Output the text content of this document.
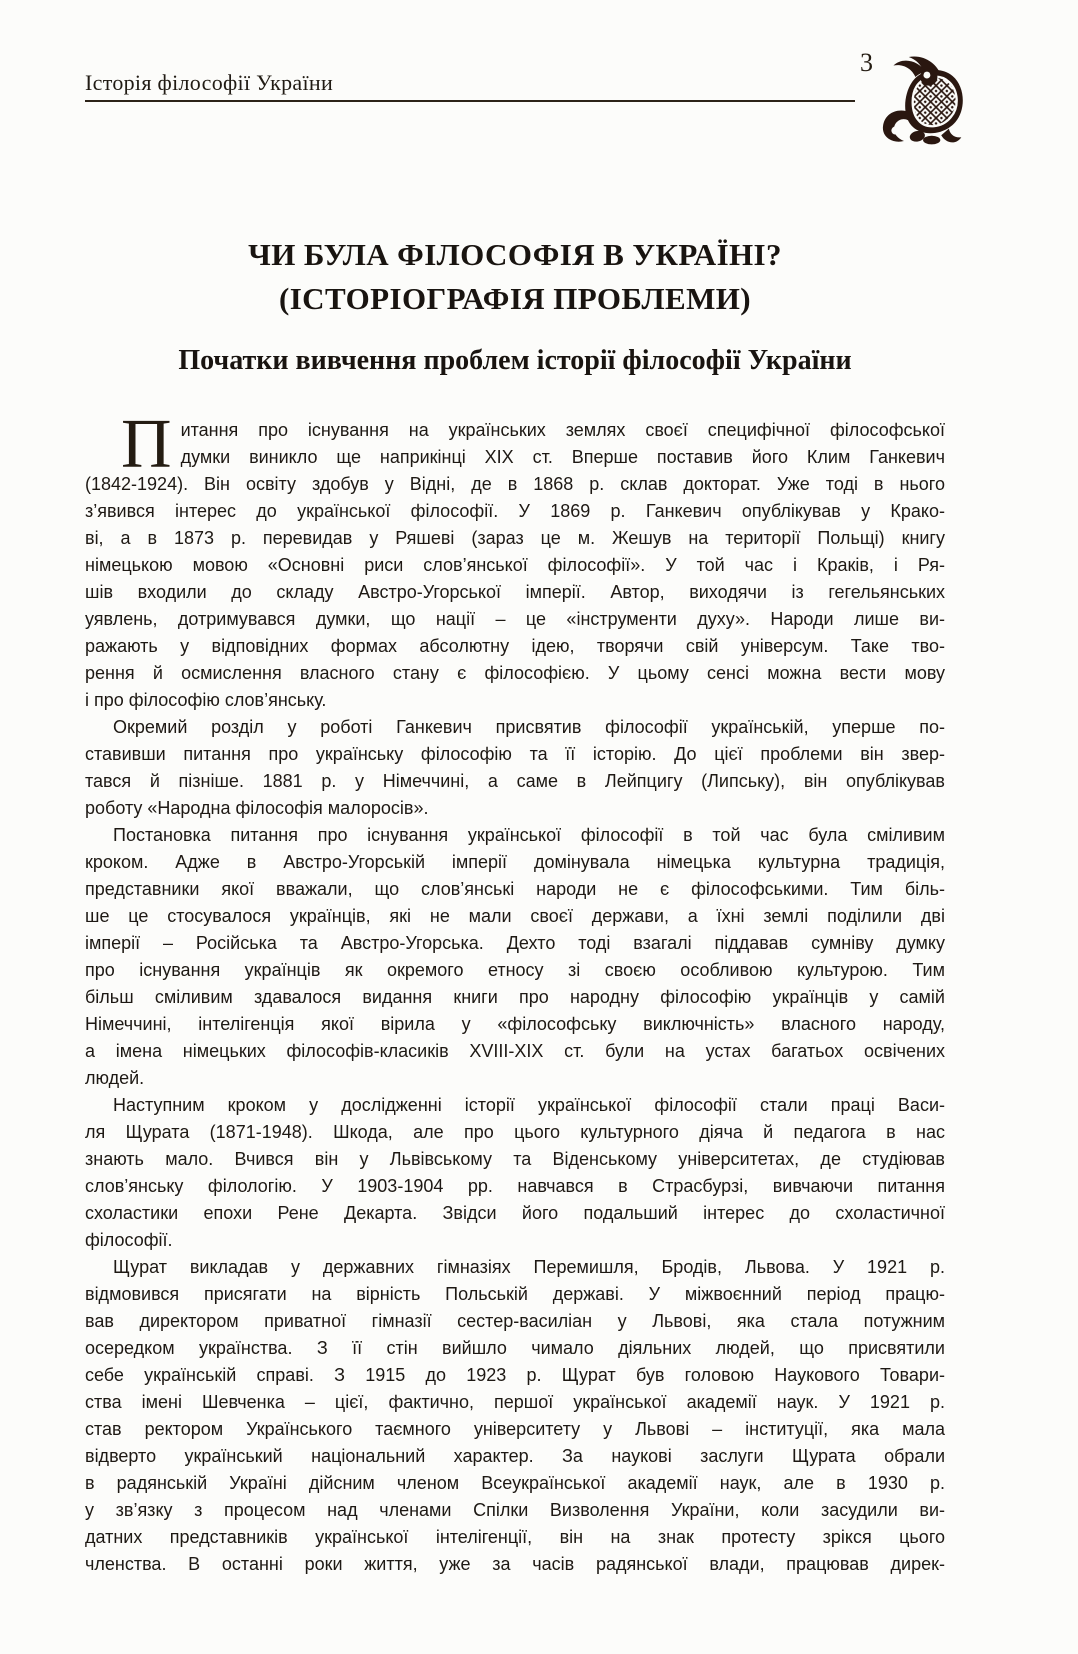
Історія філософії України
3
ЧИ БУЛА ФІЛОСОФІЯ В УКРАЇНІ?
(ІСТОРІОГРАФІЯ ПРОБЛЕМИ)
Початки вивчення проблем історії філософії України
П итання про існування на українських землях своєї специфічної філософської
думки виникло ще наприкінці XIX ст. Вперше поставив його Клим Ганкевич
(1842-1924). Він освіту здобув у Відні, де в 1868 р. склав докторат. Уже тоді в нього
з’явився інтерес до української філософії. У 1869 р. Ганкевич опублікував у Крако-
ві, а в 1873 р. перевидав у Ряшеві (зараз це м. Жешув на території Польщі) книгу
німецькою мовою «Основні риси слов’янської філософії». У той час і Краків, і Ря-
шів входили до складу Австро-Угорської імперії. Автор, виходячи із гегельянських
уявлень, дотримувався думки, що нації – це «інструменти духу». Народи лише ви-
ражають у відповідних формах абсолютну ідею, творячи свій універсум. Таке тво-
рення й осмислення власного стану є філософією. У цьому сенсі можна вести мову
і про філософію слов’янську.
Окремий розділ у роботі Ганкевич присвятив філософії українській, уперше по-
ставивши питання про українську філософію та її історію. До цієї проблеми він звер-
тався й пізніше. 1881 р. у Німеччині, а саме в Лейпцигу (Липську), він опублікував
роботу «Народна філософія малоросів».
Постановка питання про існування української філософії в той час була сміливим
кроком. Адже в Австро-Угорській імперії домінувала німецька культурна традиція,
представники якої вважали, що слов’янські народи не є філософськими. Тим біль-
ше це стосувалося українців, які не мали своєї держави, а їхні землі поділили дві
імперії – Російська та Австро-Угорська. Дехто тоді взагалі піддавав сумніву думку
про існування українців як окремого етносу зі своєю особливою культурою. Тим
більш сміливим здавалося видання книги про народну філософію українців у самій
Німеччині, інтелігенція якої вірила у «філософську виключність» власного народу,
а імена німецьких філософів-класиків XVIII-XIX ст. були на устах багатьох освічених
людей.
Наступним кроком у дослідженні історії української філософії стали праці Васи-
ля Щурата (1871-1948). Шкода, але про цього культурного діяча й педагога в нас
знають мало. Вчився він у Львівському та Віденському університетах, де студіював
слов’янську філологію. У 1903-1904 рр. навчався в Страсбурзі, вивчаючи питання
схоластики епохи Рене Декарта. Звідси його подальший інтерес до схоластичної
філософії.
Щурат викладав у державних гімназіях Перемишля, Бродів, Львова. У 1921 р.
відмовився присягати на вірність Польській державі. У міжвоєнний період працю-
вав директором приватної гімназії сестер-василіан у Львові, яка стала потужним
осередком українства. З її стін вийшло чимало діяльних людей, що присвятили
себе українській справі. З 1915 до 1923 р. Щурат був головою Наукового Товари-
ства імені Шевченка – цієї, фактично, першої української академії наук. У 1921 р.
став ректором Українського таємного університету у Львові – інституції, яка мала
відверто український національний характер. За наукові заслуги Щурата обрали
в радянській Україні дійсним членом Всеукраїнської академії наук, але в 1930 р.
у зв’язку з процесом над членами Спілки Визволення України, коли засудили ви-
датних представників української інтелігенції, він на знак протесту зрікся цього
членства. В останні роки життя, уже за часів радянської влади, працював дирек-
